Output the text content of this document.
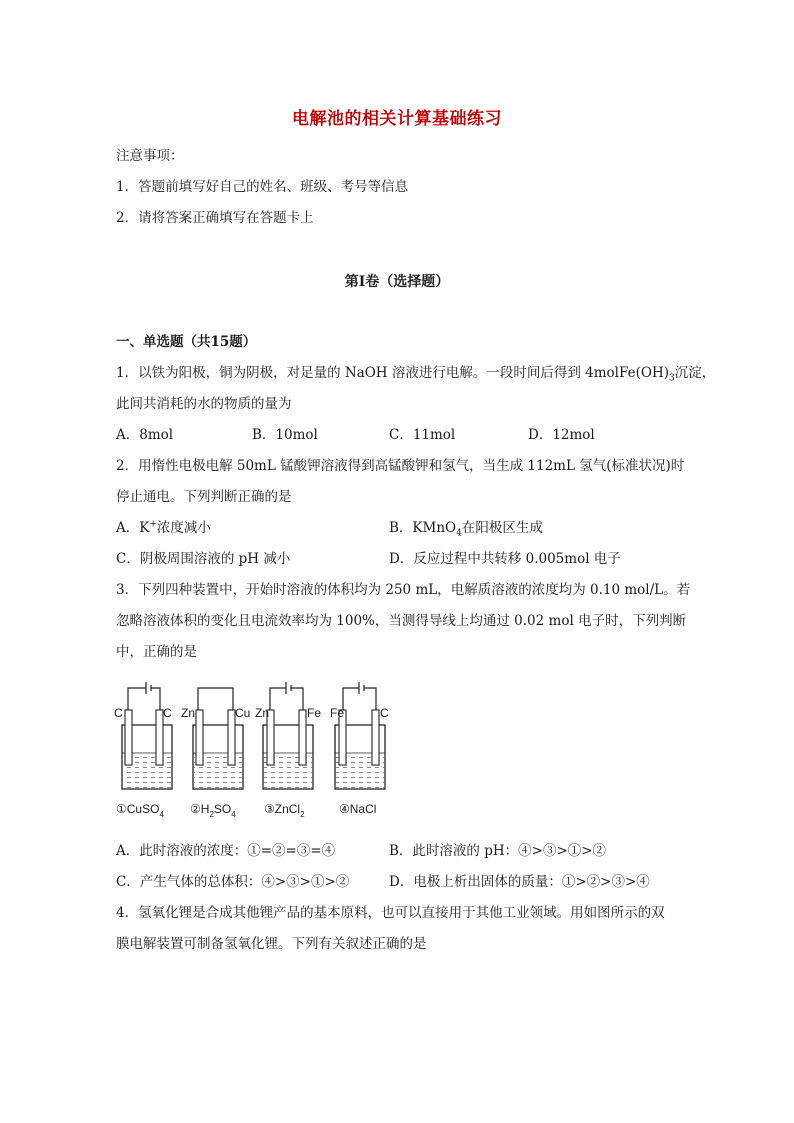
电解池的相关计算基础练习
注意事项：
1．答题前填写好自己的姓名、班级、考号等信息
2．请将答案正确填写在答题卡上
第I卷（选择题）
一、单选题（共15题）
1．以铁为阳极，铜为阴极，对足量的 NaOH 溶液进行电解。一段时间后得到 $4molFe(OH)_3$沉淀，
此间共消耗的水的物质的量为
A．8mol	B．10mol	C．11mol	D．12mol
2．用惰性电极电解 50mL 锰酸钾溶液得到高锰酸钾和氢气，当生成 112mL 氢气(标准状况)时
停止通电。下列判断正确的是
A．K+浓度减小	B．KMnO$_4$在阳极区生成
C．阴极周围溶液的 pH 减小	D．反应过程中共转移 0.005mol 电子
3．下列四种装置中，开始时溶液的体积均为 250 mL，电解质溶液的浓度均为 0.10 mol/L。若
忽略溶液体积的变化且电流效率均为 100%，当测得导线上均通过 0.02 mol 电子时，下列判断
中，正确的是
C	C
①CuSO$_4$
Zn	Cu
$②H_2SO_4$
Zn	Fe
③ZnCl$_2$
Fe	C
④NaCl
A．此时溶液的浓度：①=②=③=④	B．此时溶液的 pH：④>③>①>②
C．产生气体的总体积：④>③>①>②	D．电极上析出固体的质量：①>②>③>④
4．氢氧化锂是合成其他锂产品的基本原料，也可以直接用于其他工业领域。用如图所示的双
膜电解装置可制备氢氧化锂。下列有关叙述正确的是
